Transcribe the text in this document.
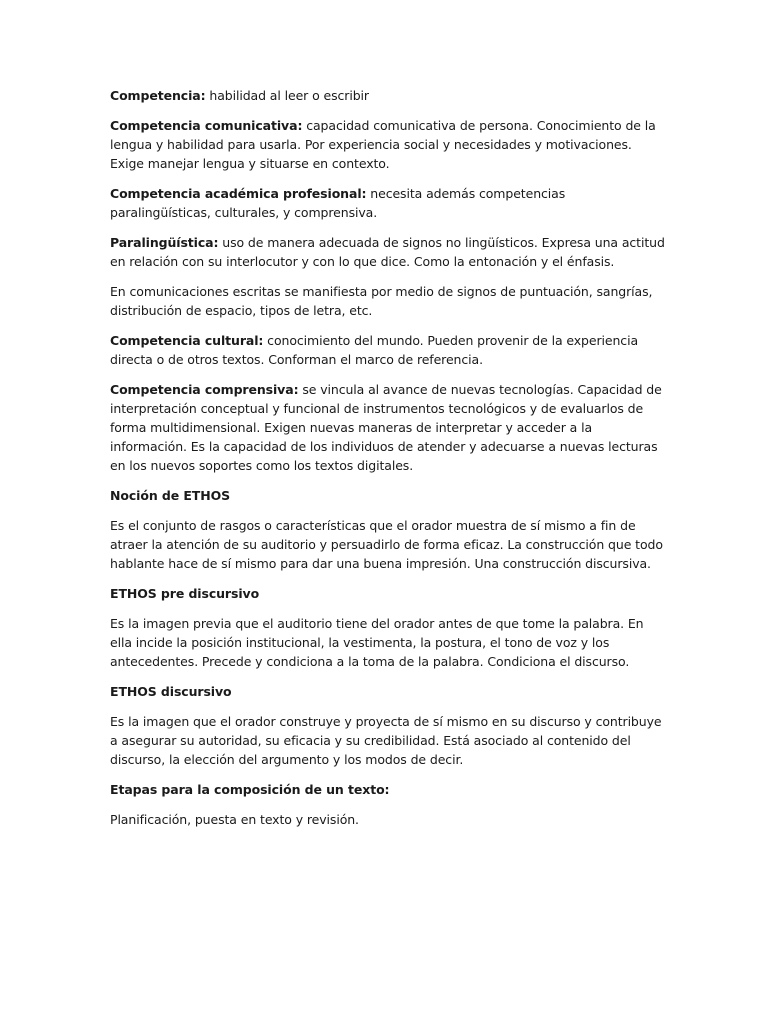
Competencia: habilidad al leer o escribir

Competencia comunicativa: capacidad comunicativa de persona. Conocimiento de la lengua y habilidad para usarla. Por experiencia social y necesidades y motivaciones. Exige manejar lengua y situarse en contexto.

Competencia académica profesional: necesita además competencias paralingüísticas, culturales, y comprensiva.

Paralingüística: uso de manera adecuada de signos no lingüísticos. Expresa una actitud en relación con su interlocutor y con lo que dice. Como la entonación y el énfasis.

En comunicaciones escritas se manifiesta por medio de signos de puntuación, sangrías, distribución de espacio, tipos de letra, etc.

Competencia cultural: conocimiento del mundo. Pueden provenir de la experiencia directa o de otros textos. Conforman el marco de referencia.

Competencia comprensiva: se vincula al avance de nuevas tecnologías. Capacidad de interpretación conceptual y funcional de instrumentos tecnológicos y de evaluarlos de forma multidimensional. Exigen nuevas maneras de interpretar y acceder a la información. Es la capacidad de los individuos de atender y adecuarse a nuevas lecturas en los nuevos soportes como los textos digitales.

Noción de ETHOS

Es el conjunto de rasgos o características que el orador muestra de sí mismo a fin de atraer la atención de su auditorio y persuadirlo de forma eficaz. La construcción que todo hablante hace de sí mismo para dar una buena impresión. Una construcción discursiva.

ETHOS pre discursivo

Es la imagen previa que el auditorio tiene del orador antes de que tome la palabra. En ella incide la posición institucional, la vestimenta, la postura, el tono de voz y los antecedentes. Precede y condiciona a la toma de la palabra. Condiciona el discurso.

ETHOS discursivo

Es la imagen que el orador construye y proyecta de sí mismo en su discurso y contribuye a asegurar su autoridad, su eficacia y su credibilidad. Está asociado al contenido del discurso, la elección del argumento y los modos de decir.

Etapas para la composición de un texto:

Planificación, puesta en texto y revisión.
